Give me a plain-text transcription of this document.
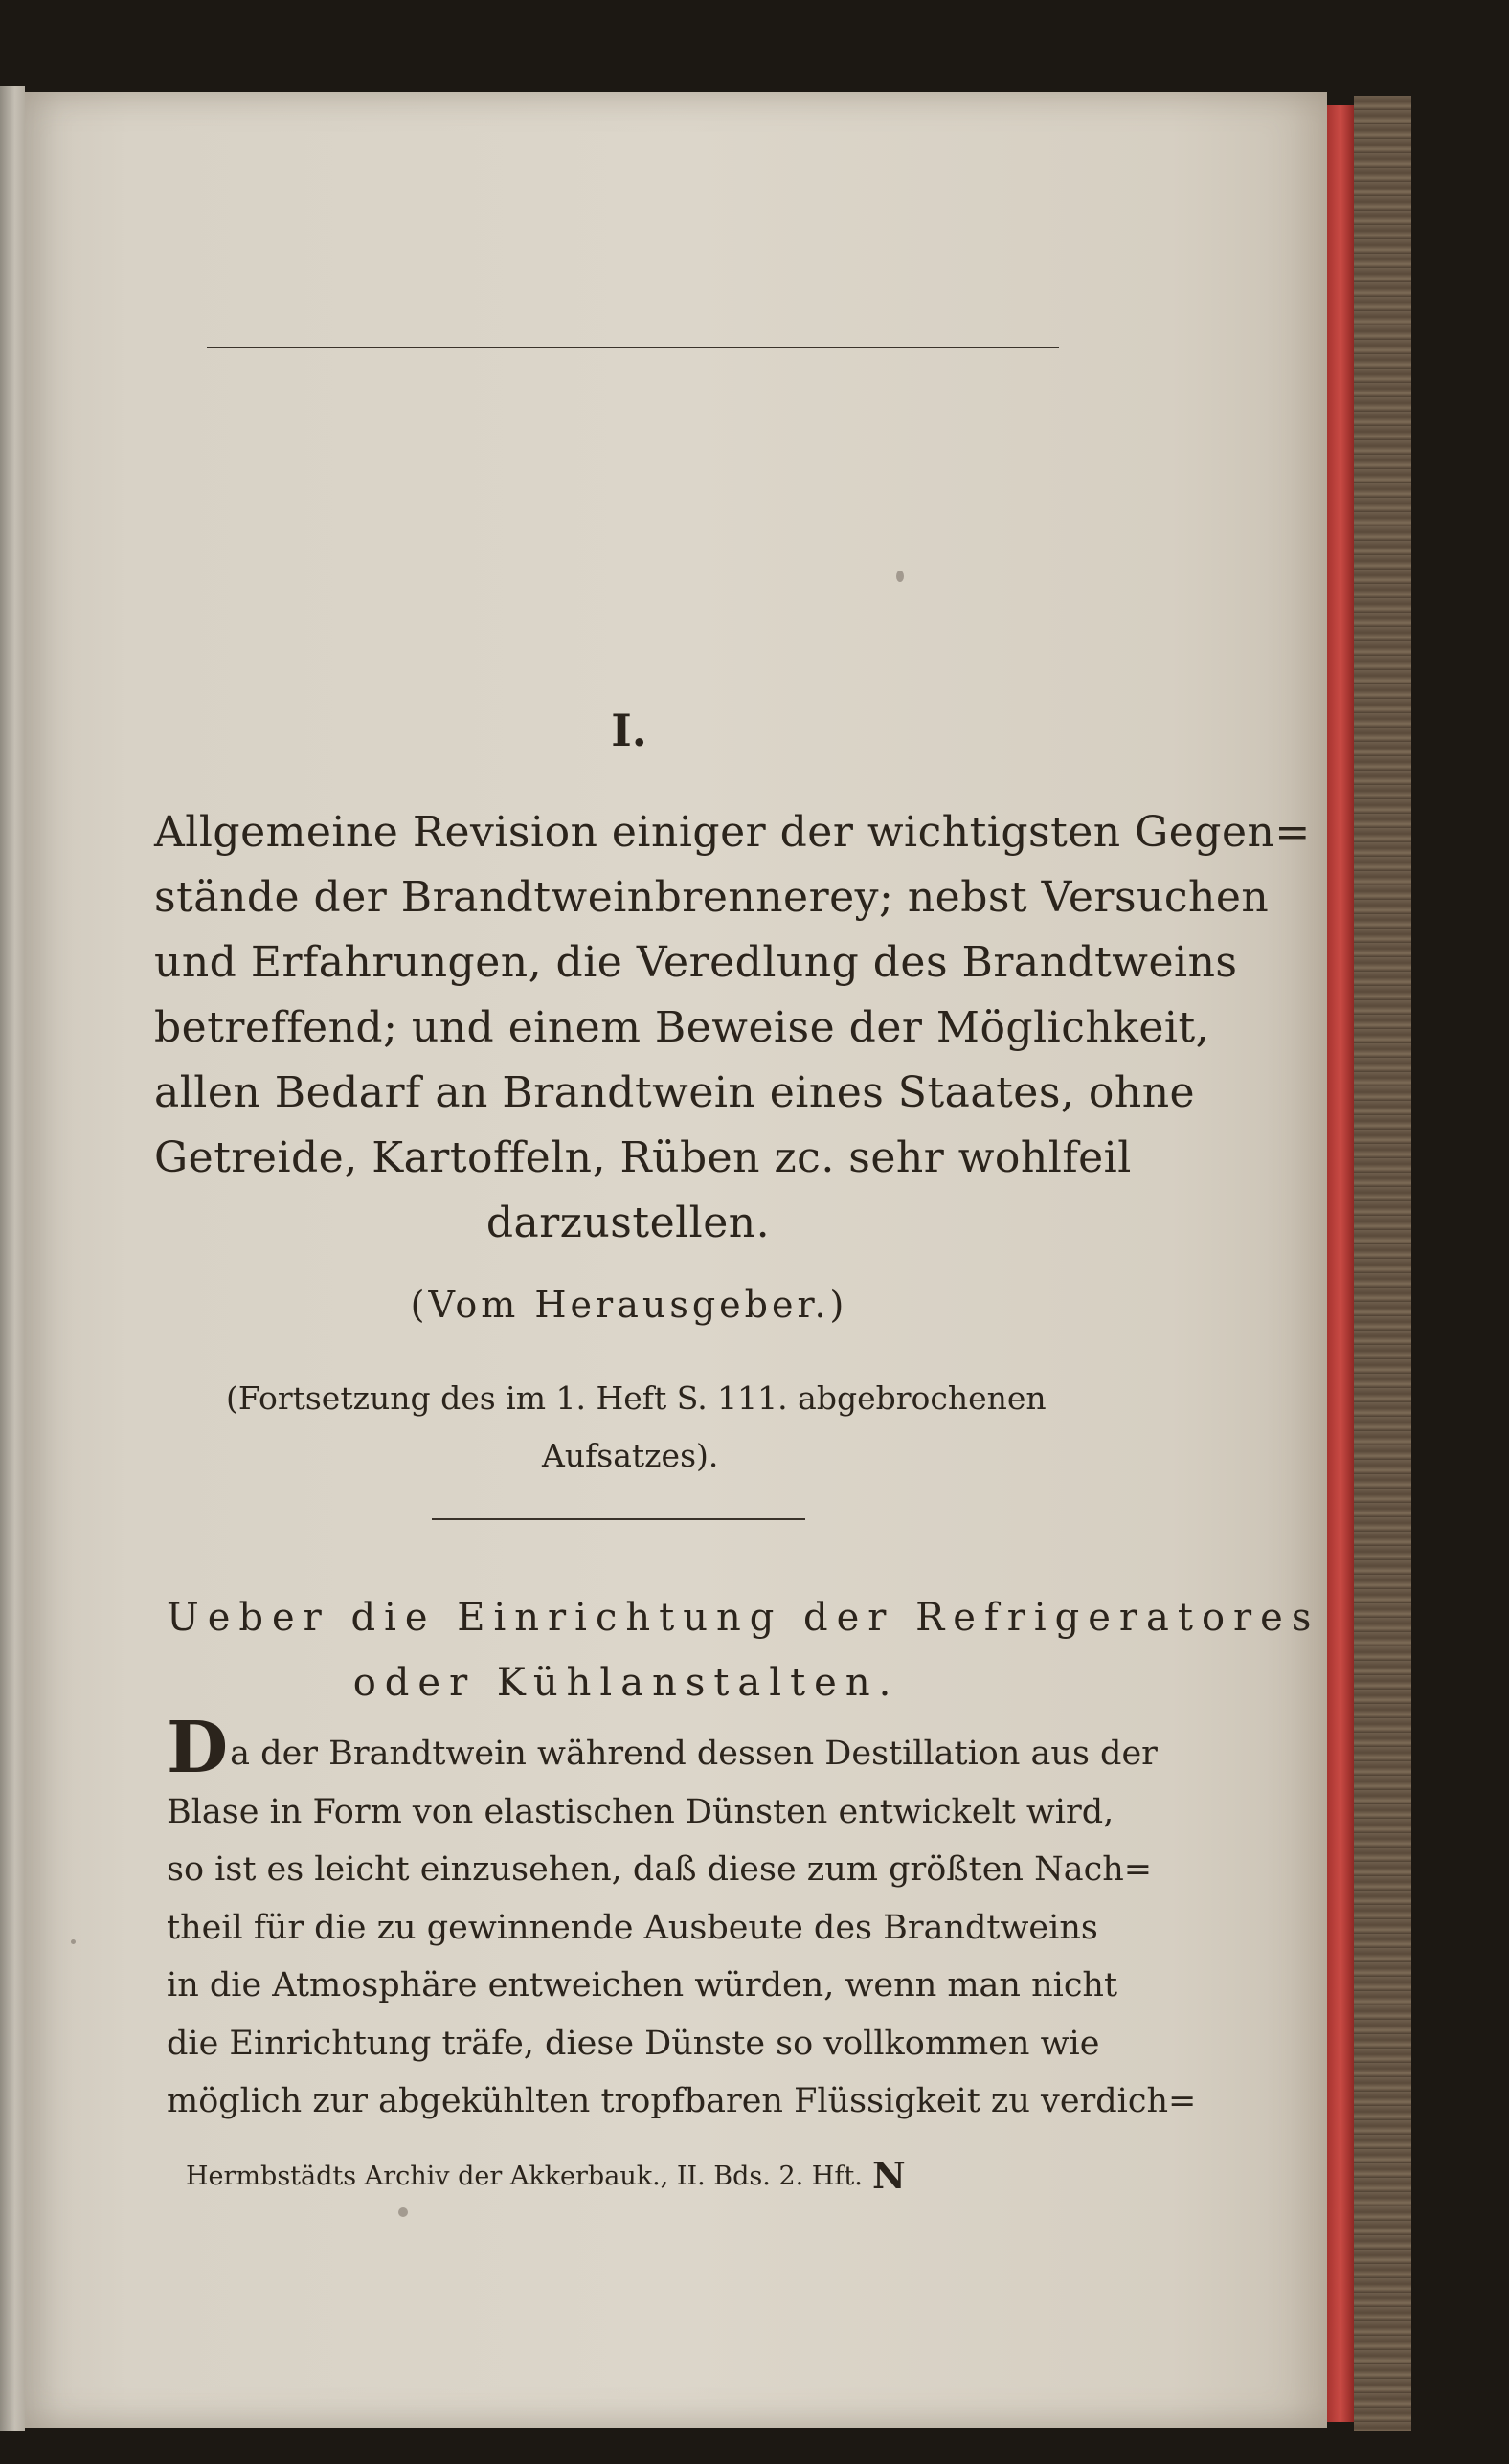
I.
Allgemeine Revision einiger der wichtigsten Gegen=
stände der Brandtweinbrennerey; nebst Versuchen
und Erfahrungen, die Veredlung des Brandtweins
betreffend; und einem Beweise der Möglichkeit,
allen Bedarf an Brandtwein eines Staates, ohne
Getreide, Kartoffeln, Rüben zc. sehr wohlfeil
darzustellen.
(Vom Herausgeber.)
(Fortsetzung des im 1. Heft S. 111. abgebrochenen
Aufsatzes).
Ueber die Einrichtung der Refrigeratores
oder Kühlanstalten.
Da der Brandtwein während dessen Destillation aus der
Blase in Form von elastischen Dünsten entwickelt wird,
so ist es leicht einzusehen, daß diese zum größten Nach=
theil für die zu gewinnende Ausbeute des Brandtweins
in die Atmosphäre entweichen würden, wenn man nicht
die Einrichtung träfe, diese Dünste so vollkommen wie
möglich zur abgekühlten tropfbaren Flüssigkeit zu verdich=
Hermbstädts Archiv der Akkerbauk., II. Bds. 2. Hft. N
